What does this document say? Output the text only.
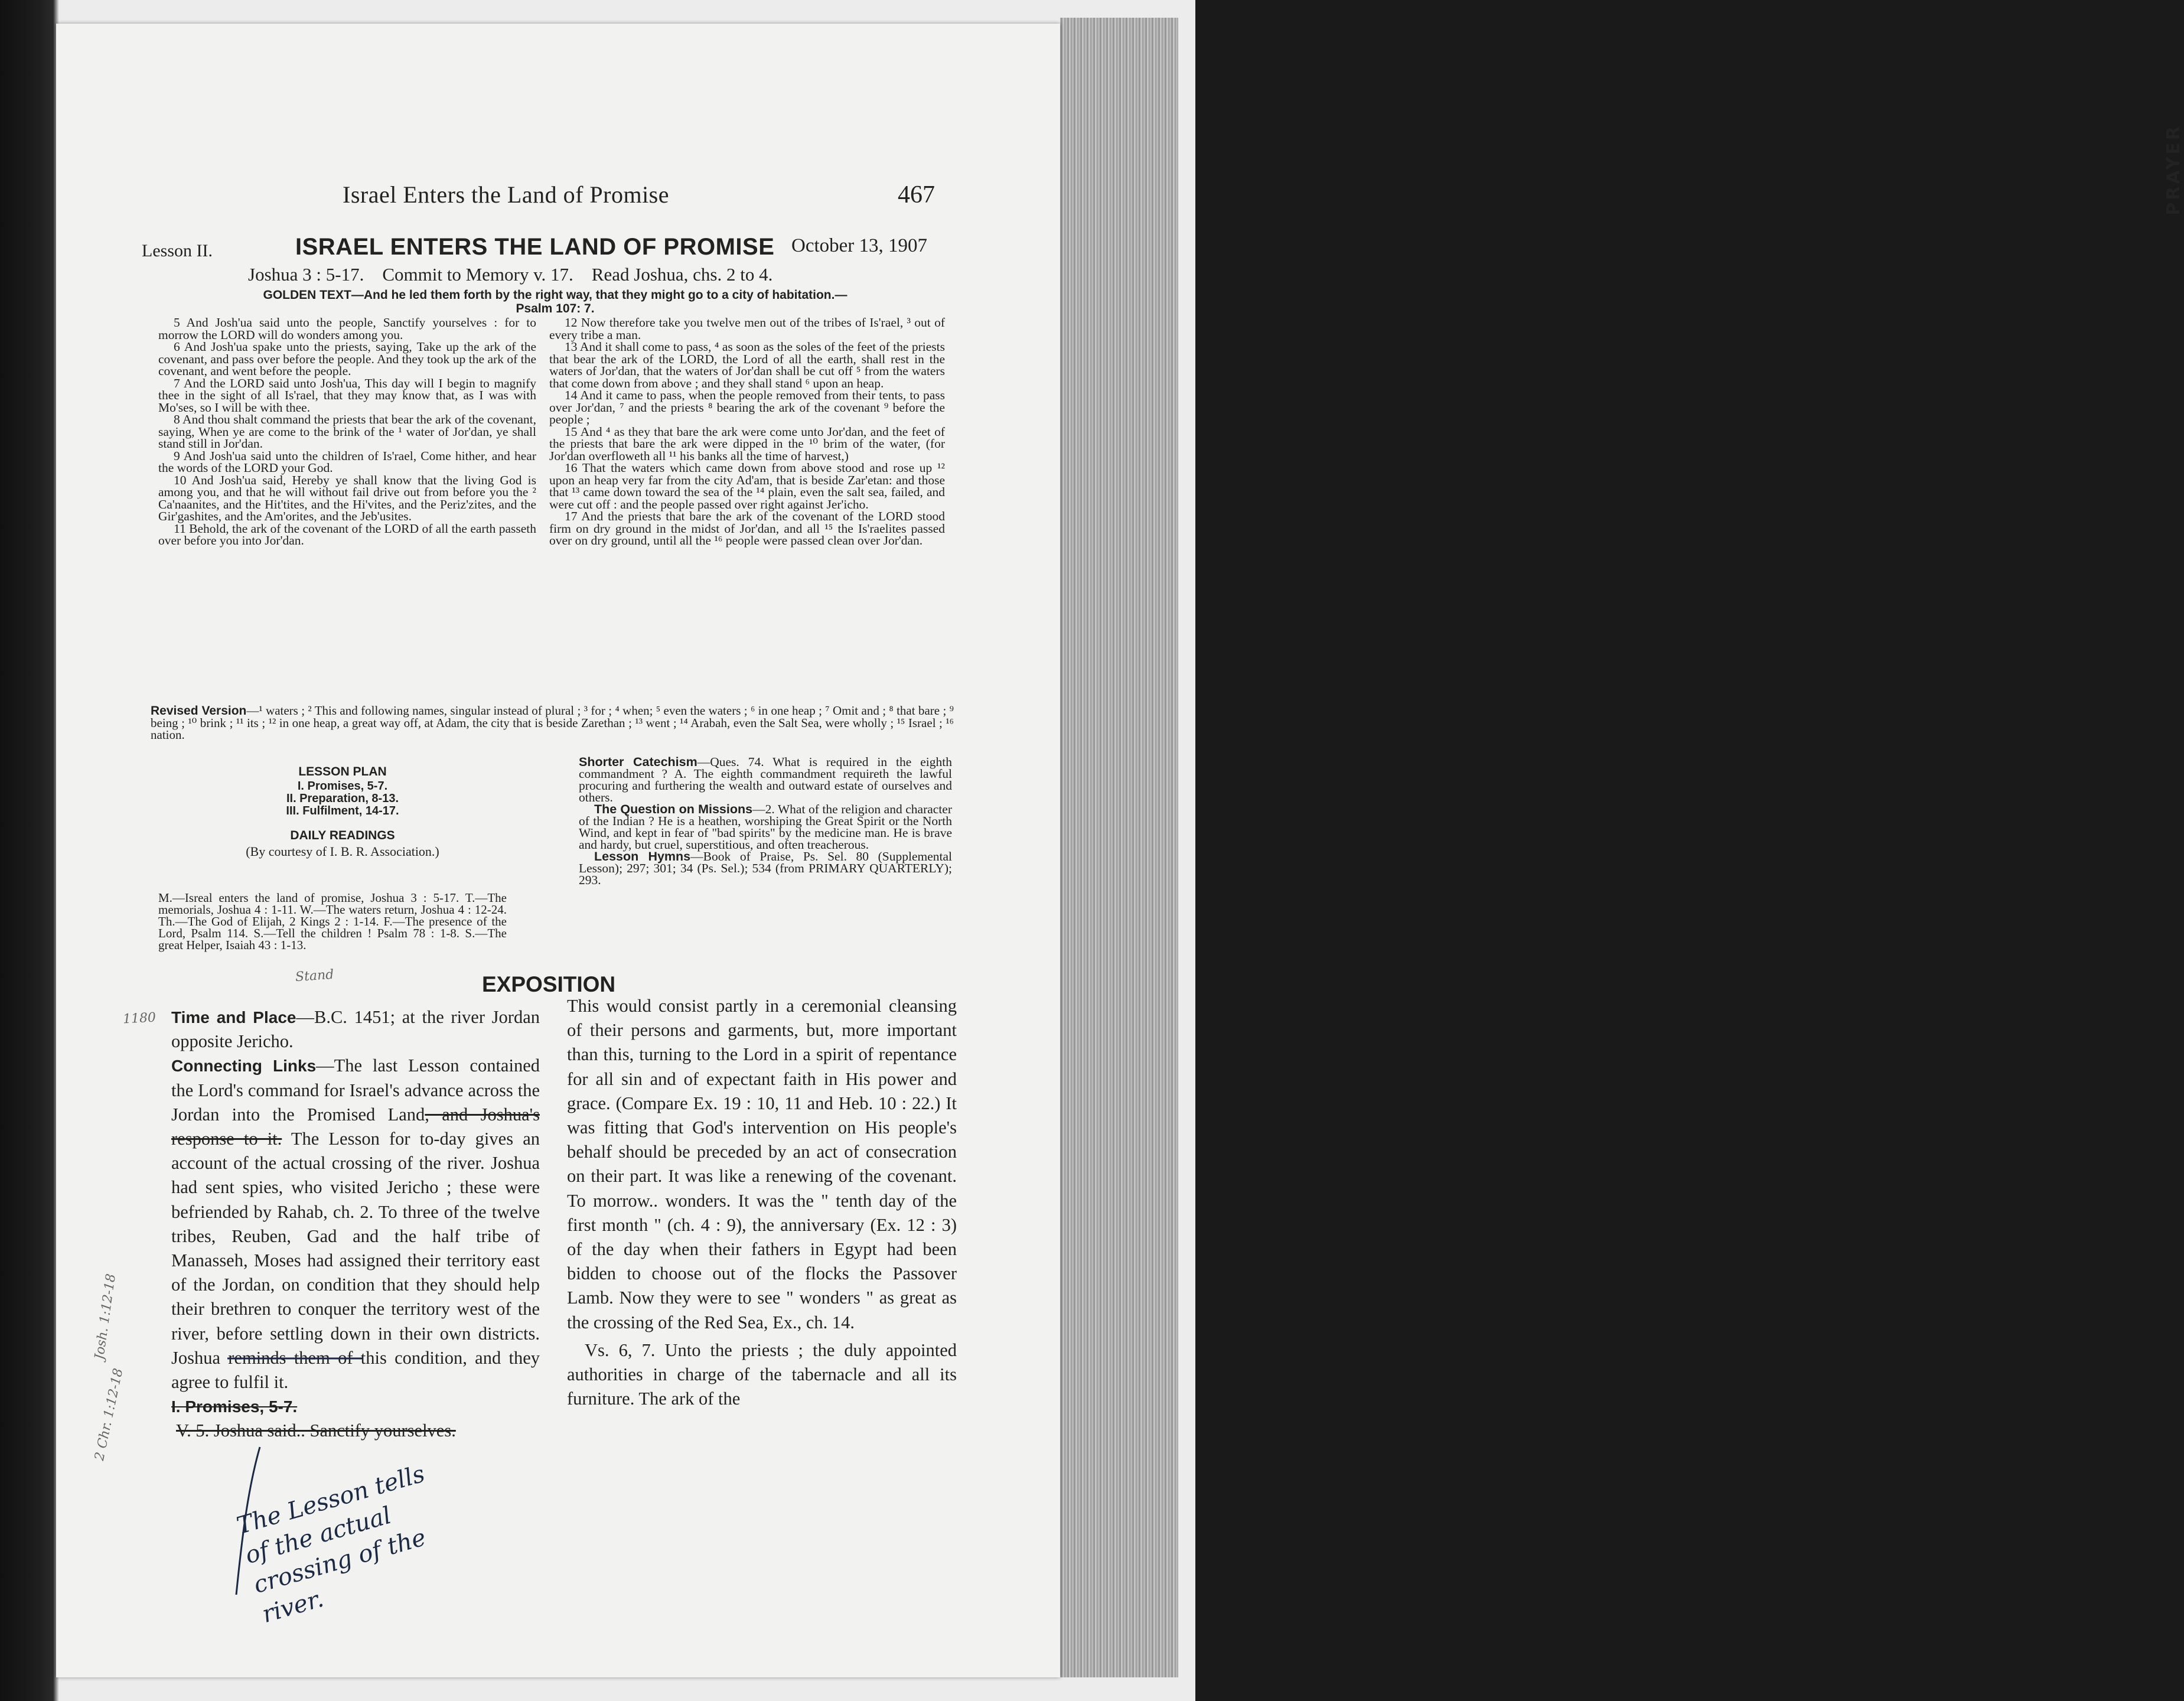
PRAYER
Israel Enters the Land of Promise	467
Lesson II.	ISRAEL ENTERS THE LAND OF PROMISE October 13, 1907
Joshua 3 : 5-17.    Commit to Memory v. 17.    Read Joshua, chs. 2 to 4.
GOLDEN TEXT—And he led them forth by the right way, that they might go to a city of habitation.—
Psalm 107: 7.

5 And Josh'ua said unto the people, Sanctify yourselves : for to morrow the LORD will do wonders among you.

6 And Josh'ua spake unto the priests, saying, Take up the ark of the covenant, and pass over before the people. And they took up the ark of the covenant, and went before the people.

7 And the LORD said unto Josh'ua, This day will I begin to magnify thee in the sight of all Is'rael, that they may know that, as I was with Mo'ses, so I will be with thee.

8 And thou shalt command the priests that bear the ark of the covenant, saying, When ye are come to the brink of the ¹ water of Jor'dan, ye shall stand still in Jor'dan.

9 And Josh'ua said unto the children of Is'rael, Come hither, and hear the words of the LORD your God.

10 And Josh'ua said, Hereby ye shall know that the living God is among you, and that he will without fail drive out from before you the ² Ca'naanites, and the Hit'tites, and the Hi'vites, and the Periz'zites, and the Gir'gashites, and the Am'orites, and the Jeb'usites.

11 Behold, the ark of the covenant of the LORD of all the earth passeth over before you into Jor'dan.

12 Now therefore take you twelve men out of the tribes of Is'rael, ³ out of every tribe a man.

13 And it shall come to pass, ⁴ as soon as the soles of the feet of the priests that bear the ark of the LORD, the Lord of all the earth, shall rest in the waters of Jor'dan, that the waters of Jor'dan shall be cut off ⁵ from the waters that come down from above ; and they shall stand ⁶ upon an heap.

14 And it came to pass, when the people removed from their tents, to pass over Jor'dan, ⁷ and the priests ⁸ bearing the ark of the covenant ⁹ before the people ;

15 And ⁴ as they that bare the ark were come unto Jor'dan, and the feet of the priests that bare the ark were dipped in the ¹⁰ brim of the water, (for Jor'dan overfloweth all ¹¹ his banks all the time of harvest,)

16 That the waters which came down from above stood and rose up ¹² upon an heap very far from the city Ad'am, that is beside Zar'etan: and those that ¹³ came down toward the sea of the ¹⁴ plain, even the salt sea, failed, and were cut off : and the people passed over right against Jer'icho.

17 And the priests that bare the ark of the covenant of the LORD stood firm on dry ground in the midst of Jor'dan, and all ¹⁵ the Is'raelites passed over on dry ground, until all the ¹⁶ people were passed clean over Jor'dan.

Revised Version—¹ waters ; ² This and following names, singular instead of plural ; ³ for ; ⁴ when; ⁵ even the waters ; ⁶ in one heap ; ⁷ Omit and ; ⁸ that bare ; ⁹ being ; ¹⁰ brink ; ¹¹ its ; ¹² in one heap, a great way off, at Adam, the city that is beside Zarethan ; ¹³ went ; ¹⁴ Arabah, even the Salt Sea, were wholly ; ¹⁵ Israel ; ¹⁶ nation.
LESSON PLAN
I. Promises, 5-7.
II. Preparation, 8-13.
III. Fulfilment, 14-17.
DAILY READINGS
(By courtesy of I. B. R. Association.)
M.—Isreal enters the land of promise, Joshua 3 : 5-17. T.—The memorials, Joshua 4 : 1-11. W.—The waters return, Joshua 4 : 12-24. Th.—The God of Elijah, 2 Kings 2 : 1-14. F.—The presence of the Lord, Psalm 114. S.—Tell the children ! Psalm 78 : 1-8. S.—The great Helper, Isaiah 43 : 1-13.

Shorter Catechism—Ques. 74. What is required in the eighth commandment ? A. The eighth commandment requireth the lawful procuring and furthering the wealth and outward estate of ourselves and others.

The Question on Missions—2. What of the religion and character of the Indian ? He is a heathen, worshiping the Great Spirit or the North Wind, and kept in fear of "bad spirits" by the medicine man. He is brave and hardy, but cruel, superstitious, and often treacherous.

Lesson Hymns—Book of Praise, Ps. Sel. 80 (Supplemental Lesson); 297; 301; 34 (Ps. Sel.); 534 (from PRIMARY QUARTERLY); 293.

EXPOSITION
Stand
1180 Time and Place—B.C. 1451; at the river Jordan opposite Jericho.

Connecting Links—The last Lesson contained the Lord's command for Israel's advance across the Jordan into the Promised Land, and Joshua's response to it. The Lesson for to-day gives an account of the actual crossing of the river. Joshua had sent spies, who visited Jericho ; these were befriended by Rahab, ch. 2. To three of the twelve tribes, Reuben, Gad and the half tribe of Manasseh, Moses had assigned their territory east of the Jordan, on condition that they should help their brethren to conquer the territory west of the river, before settling down in their own districts. Joshua reminds them of this condition, and they agree to fulfil it.

I. Promises, 5-7.

V. 5. Joshua said.. Sanctify yourselves.

Josh. 1:12-18
2 Chr. 1:12-18

This would consist partly in a ceremonial cleansing of their persons and garments, but, more important than this, turning to the Lord in a spirit of repentance for all sin and of expectant faith in His power and grace. (Compare Ex. 19 : 10, 11 and Heb. 10 : 22.) It was fitting that God's intervention on His people's behalf should be preceded by an act of consecration on their part. It was like a renewing of the covenant. To morrow.. wonders. It was the " tenth day of the first month " (ch. 4 : 9), the anniversary (Ex. 12 : 3) of the day when their fathers in Egypt had been bidden to choose out of the flocks the Passover Lamb. Now they were to see " wonders " as great as the crossing of the Red Sea, Ex., ch. 14.

Vs. 6, 7. Unto the priests ; the duly appointed authorities in charge of the tabernacle and all its furniture. The ark of the

The Lesson tells of the actual crossing of the river.
